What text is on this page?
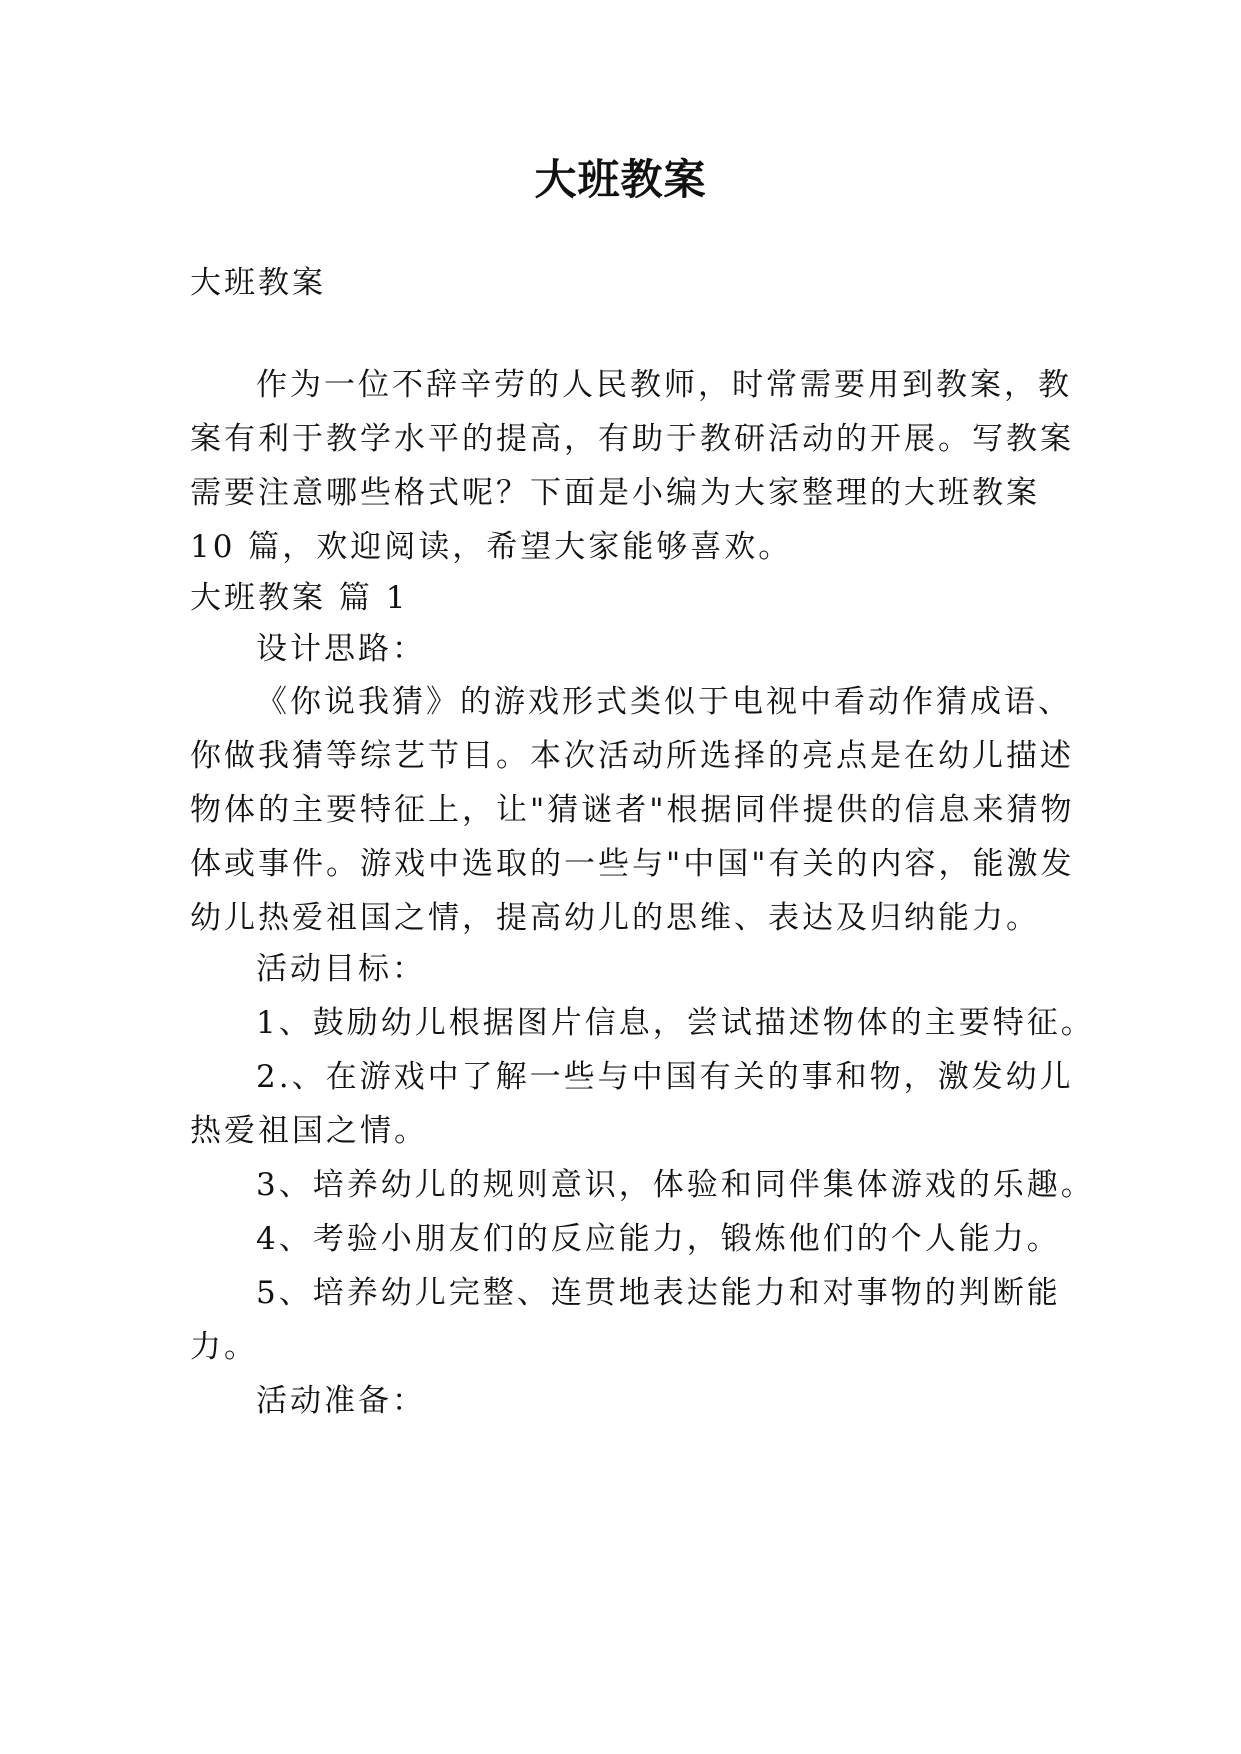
大班教案
大班教案
作为一位不辞辛劳的人民教师，时常需要用到教案，教
案有利于教学水平的提高，有助于教研活动的开展。写教案
需要注意哪些格式呢？下面是小编为大家整理的大班教案
10 篇，欢迎阅读，希望大家能够喜欢。
大班教案 篇 1
设计思路：
《你说我猜》的游戏形式类似于电视中看动作猜成语、
你做我猜等综艺节目。本次活动所选择的亮点是在幼儿描述
物体的主要特征上，让"猜谜者"根据同伴提供的信息来猜物
体或事件。游戏中选取的一些与"中国"有关的内容，能激发
幼儿热爱祖国之情，提高幼儿的思维、表达及归纳能力。
活动目标：
1、鼓励幼儿根据图片信息，尝试描述物体的主要特征。
2.、在游戏中了解一些与中国有关的事和物，激发幼儿
热爱祖国之情。
3、培养幼儿的规则意识，体验和同伴集体游戏的乐趣。
4、考验小朋友们的反应能力，锻炼他们的个人能力。
5、培养幼儿完整、连贯地表达能力和对事物的判断能
力。
活动准备：
